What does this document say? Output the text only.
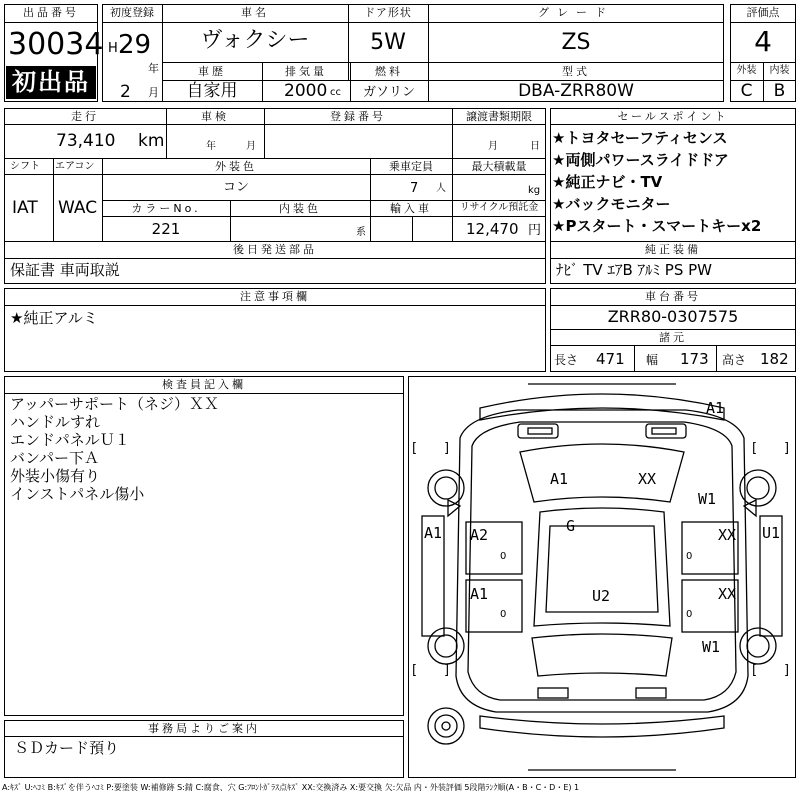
出品番号
30034
初出品
初度登録
H 29
年
2 月
車名
ヴォクシー
ドア形状
5W
グレード
ZS
車歴
自家用
排気量
2000 cc
燃料
ガソリン
型式
DBA-ZRR80W
評価点
4
外装	内装
C	B
走行
73,410 km
車検
年	月
登録番号	譲渡書類期限
月	日
シフト エアコン
IAT WAC
外装色
コン
乗車定員
7 人
最大積載量
kg
カラーNo.
221
内装色
系
輸入車	リサイクル預託金
12,470 円
後日発送部品
保証書 車両取説
セールスポイント
★トヨタセーフティセンス
★両側パワースライドドア
★純正ナビ・TV
★バックモニター
★Pスタート・スマートキーx2
純正装備
ﾅﾋﾞ TV ｴｱB ｱﾙﾐ PS PW
注意事項欄
★純正アルミ
車台番号
ZRR80-0307575
諸元
長さ 471 幅 173 高さ 182
検査員記入欄
アッパーサポート（ネジ）ＸＸ
ハンドルすれ
エンドパネルＵ１
バンパー下Ａ
外装小傷有り
インストパネル傷小
事務局よりご案内
ＳＤカード預り
A1
A1	XX
W1
G
A1 A2	XX U1
A1	U2	XX
W1
[ ]	[ ]
[ ]	[ ]
0
0
0
0
A:ｷｽﾞ U:ﾍｺﾐ B:ｷｽﾞを伴うﾍｺﾐ P:要塗装 W:補修跡 S:錆 C:腐食、穴 G:ﾌﾛﾝﾄｶﾞﾗｽ点ｷｽﾞ XX:交換済み X:要交換 欠:欠品 内・外装評価 5段階ﾗﾝｸ順(A・B・C・D・E) 1
